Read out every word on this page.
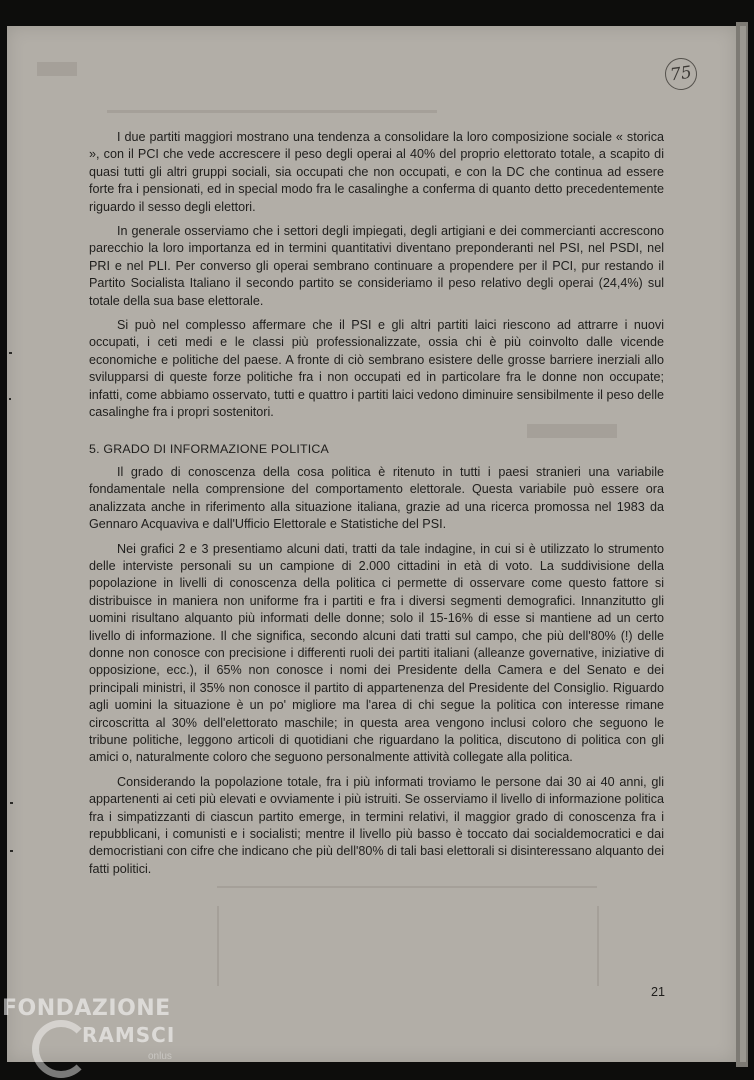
75

I due partiti maggiori mostrano una tendenza a consolidare la loro composizione sociale « storica », con il PCI che vede accrescere il peso degli operai al 40% del proprio elettorato totale, a scapito di quasi tutti gli altri gruppi sociali, sia occupati che non occupati, e con la DC che continua ad essere forte fra i pensionati, ed in special modo fra le casalinghe a conferma di quanto detto precedentemente riguardo il sesso degli elettori.

In generale osserviamo che i settori degli impiegati, degli artigiani e dei commercianti accrescono parecchio la loro importanza ed in termini quantitativi diventano preponderanti nel PSI, nel PSDI, nel PRI e nel PLI. Per converso gli operai sembrano continuare a propendere per il PCI, pur restando il Partito Socialista Italiano il secondo partito se consideriamo il peso relativo degli operai (24,4%) sul totale della sua base elettorale.

Si può nel complesso affermare che il PSI e gli altri partiti laici riescono ad attrarre i nuovi occupati, i ceti medi e le classi più professionalizzate, ossia chi è più coinvolto dalle vicende economiche e politiche del paese. A fronte di ciò sembrano esistere delle grosse barriere inerziali allo svilupparsi di queste forze politiche fra i non occupati ed in particolare fra le donne non occupate; infatti, come abbiamo osservato, tutti e quattro i partiti laici vedono diminuire sensibilmente il peso delle casalinghe fra i propri sostenitori.

5. GRADO DI INFORMAZIONE POLITICA

Il grado di conoscenza della cosa politica è ritenuto in tutti i paesi stranieri una variabile fondamentale nella comprensione del comportamento elettorale. Questa variabile può essere ora analizzata anche in riferimento alla situazione italiana, grazie ad una ricerca promossa nel 1983 da Gennaro Acquaviva e dall'Ufficio Elettorale e Statistiche del PSI.

Nei grafici 2 e 3 presentiamo alcuni dati, tratti da tale indagine, in cui si è utilizzato lo strumento delle interviste personali su un campione di 2.000 cittadini in età di voto. La suddivisione della popolazione in livelli di conoscenza della politica ci permette di osservare come questo fattore si distribuisce in maniera non uniforme fra i partiti e fra i diversi segmenti demografici. Innanzitutto gli uomini risultano alquanto più informati delle donne; solo il 15-16% di esse si mantiene ad un certo livello di informazione. Il che significa, secondo alcuni dati tratti sul campo, che più dell'80% (!) delle donne non conosce con precisione i differenti ruoli dei partiti italiani (alleanze governative, iniziative di opposizione, ecc.), il 65% non conosce i nomi dei Presidente della Camera e del Senato e dei principali ministri, il 35% non conosce il partito di appartenenza del Presidente del Consiglio. Riguardo agli uomini la situazione è un po' migliore ma l'area di chi segue la politica con interesse rimane circoscritta al 30% dell'elettorato maschile; in questa area vengono inclusi coloro che seguono le tribune politiche, leggono articoli di quotidiani che riguardano la politica, discutono di politica con gli amici o, naturalmente coloro che seguono personalmente attività collegate alla politica.

Considerando la popolazione totale, fra i più informati troviamo le persone dai 30 ai 40 anni, gli appartenenti ai ceti più elevati e ovviamente i più istruiti. Se osserviamo il livello di informazione politica fra i simpatizzanti di ciascun partito emerge, in termini relativi, il maggior grado di conoscenza fra i repubblicani, i comunisti e i socialisti; mentre il livello più basso è toccato dai socialdemocratici e dai democristiani con cifre che indicano che più dell'80% di tali basi elettorali si disinteressano alquanto dei fatti politici.

21
FONDAZIONE
RAMSCI
onlus
